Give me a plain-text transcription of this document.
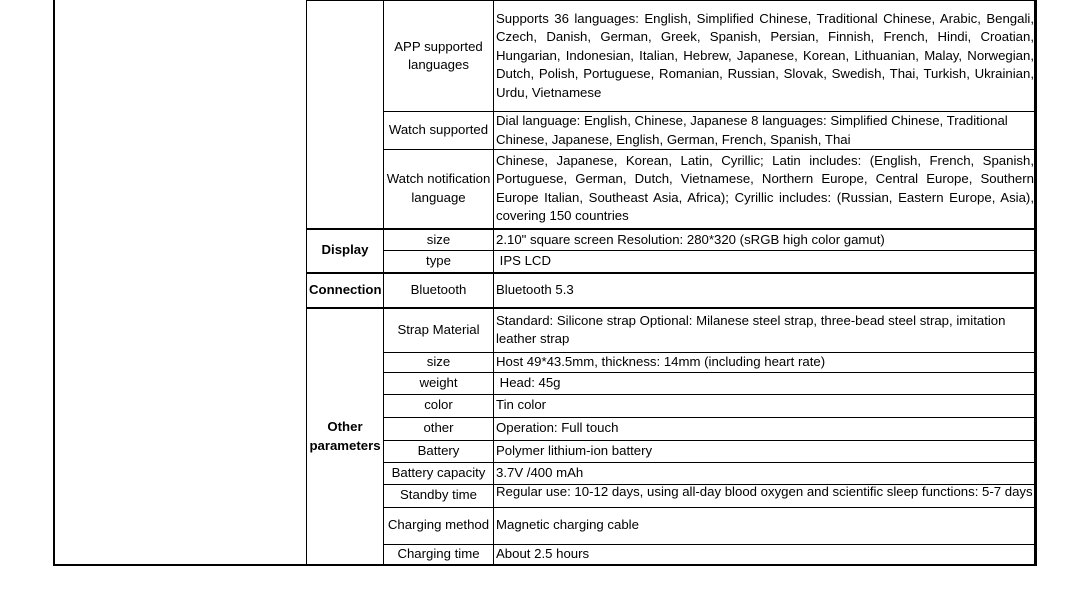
	APP supported languages	Supports 36 languages: English, Simplified Chinese, Traditional Chinese, Arabic, Bengali, Czech, Danish, German, Greek, Spanish, Persian, Finnish, French, Hindi, Croatian, Hungarian, Indonesian, Italian, Hebrew, Japanese, Korean, Lithuanian, Malay, Norwegian, Dutch, Polish, Portuguese, Romanian, Russian, Slovak, Swedish, Thai, Turkish, Ukrainian, Urdu, Vietnamese
	Watch supported	Dial language: English, Chinese, Japanese 8 languages: Simplified Chinese, Traditional Chinese, Japanese, English, German, French, Spanish, Thai
	Watch notification language	Chinese, Japanese, Korean, Latin, Cyrillic; Latin includes: (English, French, Spanish, Portuguese, German, Dutch, Vietnamese, Northern Europe, Central Europe, Southern Europe Italian, Southeast Asia, Africa); Cyrillic includes: (Russian, Eastern Europe, Asia), covering 150 countries
Display	size	2.10" square screen Resolution: 280*320 (sRGB high color gamut)
	type	IPS LCD
Connection	Bluetooth	Bluetooth 5.3
Other parameters	Strap Material	Standard: Silicone strap Optional: Milanese steel strap, three-bead steel strap, imitation leather strap
	size	Host 49*43.5mm, thickness: 14mm (including heart rate)
	weight	Head: 45g
	color	Tin color
	other	Operation: Full touch
	Battery	Polymer lithium-ion battery
	Battery capacity	3.7V /400 mAh
	Standby time	Regular use: 10-12 days, using all-day blood oxygen and scientific sleep functions: 5-7 days

	Charging method	Magnetic charging cable
	Charging time	About 2.5 hours
